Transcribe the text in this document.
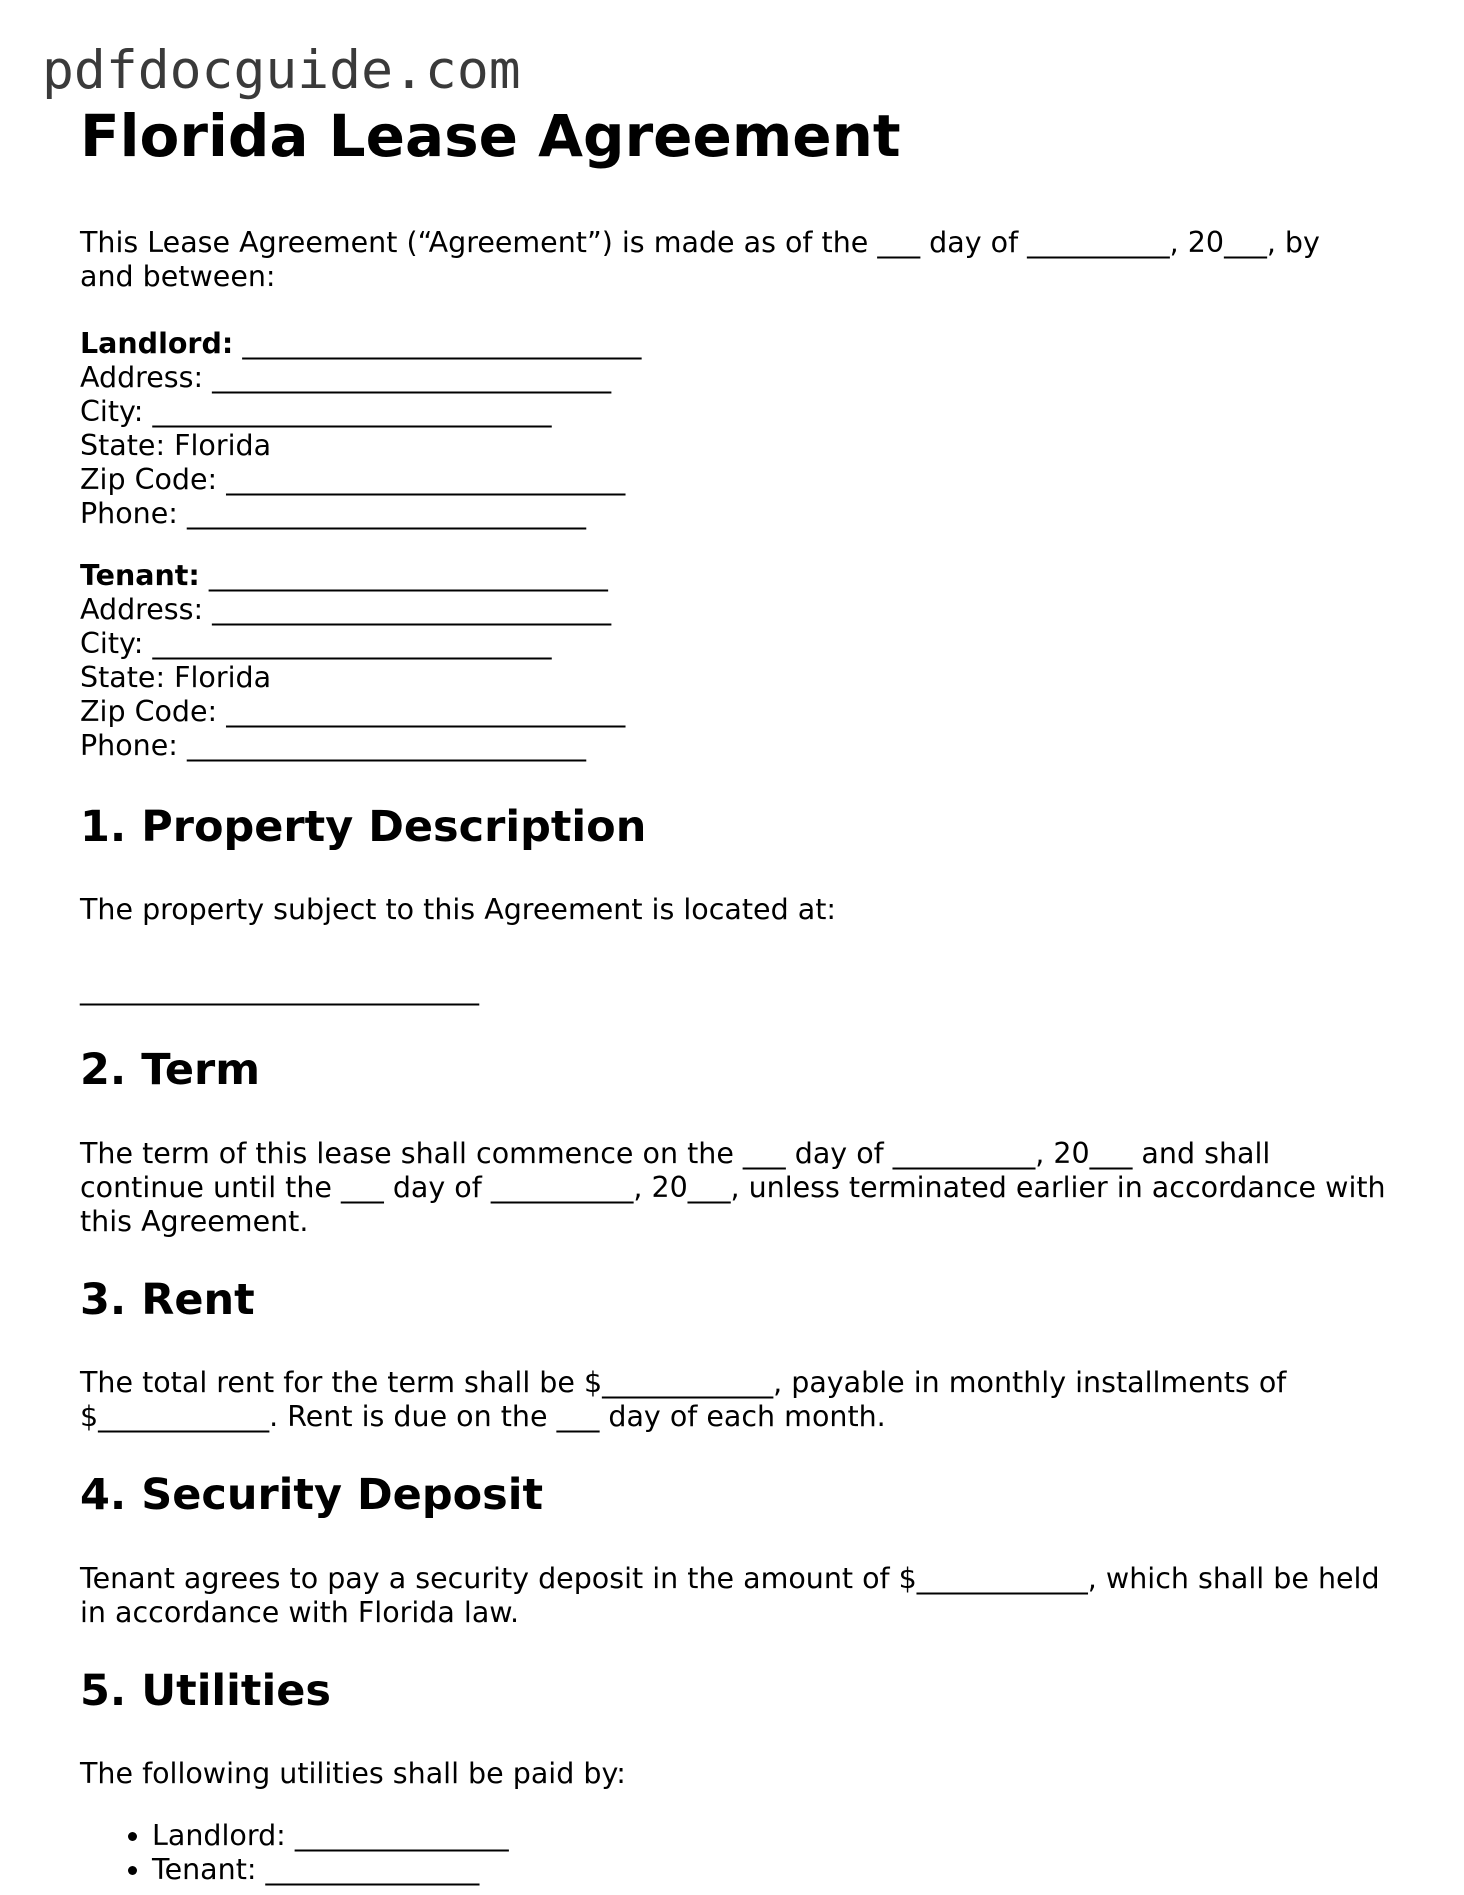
pdfdocguide.com
Florida Lease Agreement

This Lease Agreement (“Agreement”) is made as of the ___ day of __________, 20___, by and between:

Landlord: ____________________________
Address: ____________________________
City: ____________________________
State: Florida
Zip Code: ____________________________
Phone: ____________________________
Tenant: ____________________________
Address: ____________________________
City: ____________________________
State: Florida
Zip Code: ____________________________
Phone: ____________________________
1. Property Description

The property subject to this Agreement is located at:

____________________________
2. Term

The term of this lease shall commence on the ___ day of __________, 20___ and shall continue until the ___ day of __________, 20___, unless terminated earlier in accordance with this Agreement.

3. Rent

The total rent for the term shall be $____________, payable in monthly installments of $____________. Rent is due on the ___ day of each month.

4. Security Deposit

Tenant agrees to pay a security deposit in the amount of $____________, which shall be held in accordance with Florida law.

5. Utilities

The following utilities shall be paid by:

• Landlord: _______________
• Tenant: _______________
